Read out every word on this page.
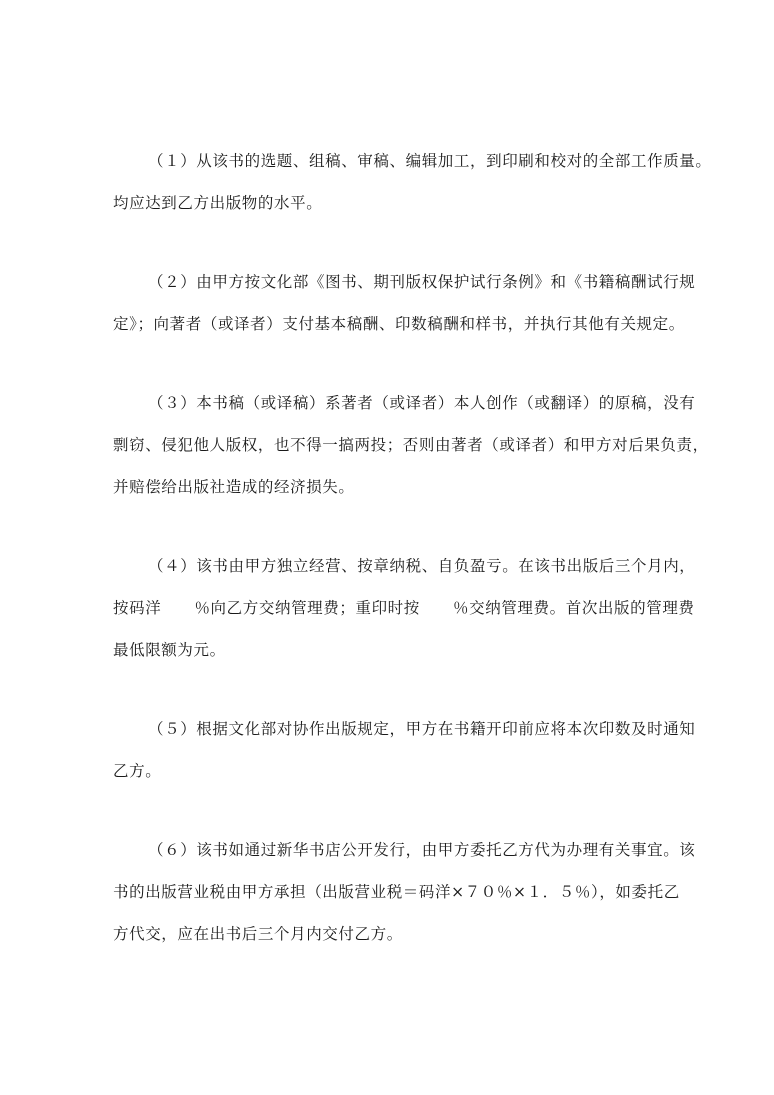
（１）从该书的选题、组稿、审稿、编辑加工，到印刷和校对的全部工作质量。
均应达到乙方出版物的水平。

（２）由甲方按文化部《图书、期刊版权保护试行条例》和《书籍稿酬试行规
定》；向著者（或译者）支付基本稿酬、印数稿酬和样书，并执行其他有关规定。

（３）本书稿（或译稿）系著者（或译者）本人创作（或翻译）的原稿，没有
剽窃、侵犯他人版权，也不得一搞两投；否则由著者（或译者）和甲方对后果负责，
并赔偿给出版社造成的经济损失。

（４）该书由甲方独立经营、按章纳税、自负盈亏。在该书出版后三个月内，
按码洋      ％向乙方交纳管理费；重印时按      ％交纳管理费。首次出版的管理费
最低限额为元。

（５）根据文化部对协作出版规定，甲方在书籍开印前应将本次印数及时通知
乙方。

（６）该书如通过新华书店公开发行，由甲方委托乙方代为办理有关事宜。该
书的出版营业税由甲方承担（出版营业税＝码洋×７０％×１．５％），如委托乙
方代交，应在出书后三个月内交付乙方。
